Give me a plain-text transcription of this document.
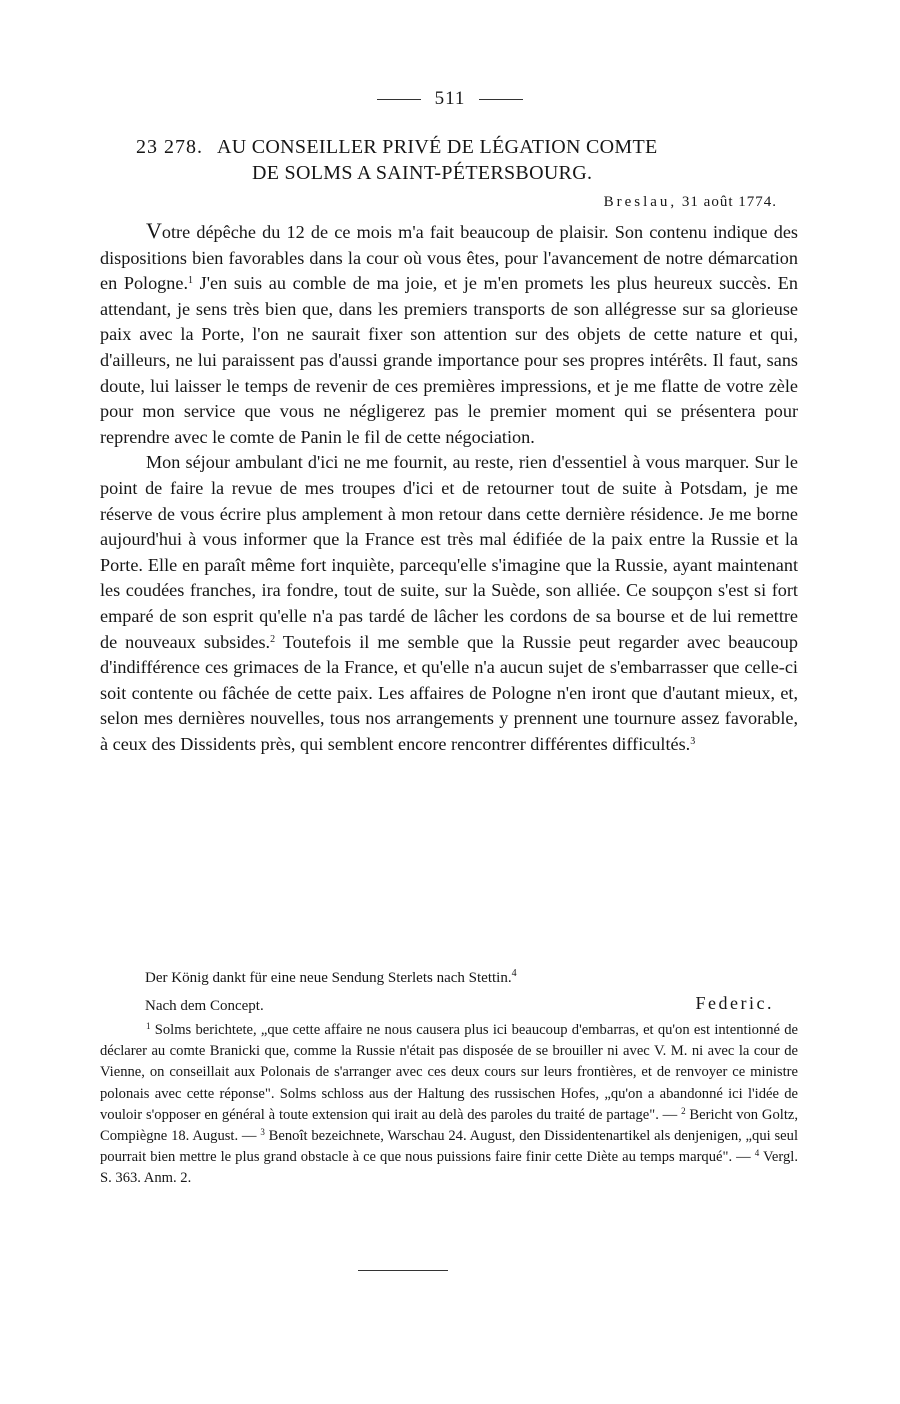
511
23 278. AU CONSEILLER PRIVÉ DE LÉGATION COMTE
DE SOLMS A SAINT-PÉTERSBOURG.
Breslau, 31 août 1774.

Votre dépêche du 12 de ce mois m'a fait beaucoup de plaisir. Son contenu indique des dispositions bien favorables dans la cour où vous êtes, pour l'avancement de notre démarcation en Pologne.$^1$ J'en suis au comble de ma joie, et je m'en promets les plus heureux succès. En attendant, je sens très bien que, dans les premiers transports de son allégresse sur sa glorieuse paix avec la Porte, l'on ne saurait fixer son attention sur des objets de cette nature et qui, d'ailleurs, ne lui paraissent pas d'aussi grande importance pour ses propres intérêts. Il faut, sans doute, lui laisser le temps de revenir de ces premières impressions, et je me flatte de votre zèle pour mon service que vous ne négligerez pas le premier moment qui se présentera pour reprendre avec le comte de Panin le fil de cette négociation.

Mon séjour ambulant d'ici ne me fournit, au reste, rien d'essentiel à vous marquer. Sur le point de faire la revue de mes troupes d'ici et de retourner tout de suite à Potsdam, je me réserve de vous écrire plus amplement à mon retour dans cette dernière résidence. Je me borne aujourd'hui à vous informer que la France est très mal édifiée de la paix entre la Russie et la Porte. Elle en paraît même fort inquiète, parcequ'elle s'imagine que la Russie, ayant maintenant les coudées franches, ira fondre, tout de suite, sur la Suède, son alliée. Ce soupçon s'est si fort emparé de son esprit qu'elle n'a pas tardé de lâcher les cordons de sa bourse et de lui remettre de nouveaux subsides.$^2$ Toutefois il me semble que la Russie peut regarder avec beaucoup d'indifférence ces grimaces de la France, et qu'elle n'a aucun sujet de s'embarrasser que celle-ci soit contente ou fâchée de cette paix. Les affaires de Pologne n'en iront que d'autant mieux, et, selon mes dernières nouvelles, tous nos arrangements y prennent une tournure assez favorable, à ceux des Dissidents près, qui semblent encore rencontrer différentes difficultés.$^3$

Der König dankt für eine neue Sendung Sterlets nach Stettin.$^4$
Nach dem Concept.	Federic.
$^1$ Solms berichtete, „que cette affaire ne nous causera plus ici beaucoup d'embarras, et qu'on est intentionné de déclarer au comte Branicki que, comme la Russie n'était pas disposée de se brouiller ni avec V. M. ni avec la cour de Vienne, on conseillait aux Polonais de s'arranger avec ces deux cours sur leurs frontières, et de renvoyer ce ministre polonais avec cette réponse". Solms schloss aus der Haltung des russischen Hofes, „qu'on a abandonné ici l'idée de vouloir s'opposer en général à toute extension qui irait au delà des paroles du traité de partage". — $^2$ Bericht von Goltz, Compiègne 18. August. — $^3$ Benoît bezeichnete, Warschau 24. August, den Dissidentenartikel als denjenigen, „qui seul pourrait bien mettre le plus grand obstacle à ce que nous puissions faire finir cette Diète au temps marqué". — $^4$ Vergl. S. 363. Anm. 2.
